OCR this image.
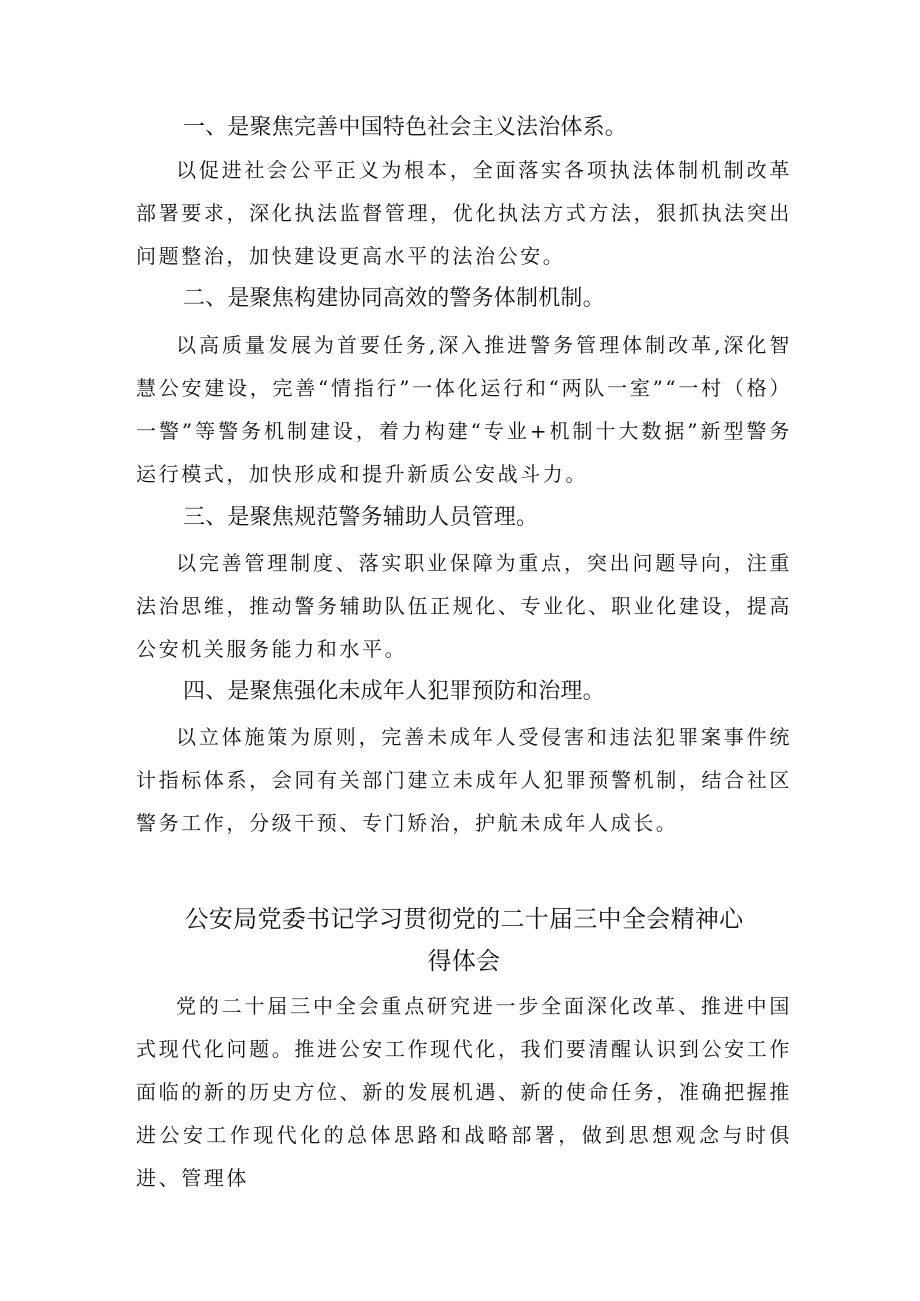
一、是聚焦完善中国特色社会主义法治体系。
以促进社会公平正义为根本，全面落实各项执法体制机制改革部署要求，深化执法监督管理，优化执法方式方法，狠抓执法突出问题整治，加快建设更高水平的法治公安。
二、是聚焦构建协同高效的警务体制机制。
以高质量发展为首要任务,深入推进警务管理体制改革,深化智慧公安建设，完善“情指行”一体化运行和“两队一室”“一村（格）一警”等警务机制建设，着力构建“专业+机制十大数据”新型警务运行模式，加快形成和提升新质公安战斗力。
三、是聚焦规范警务辅助人员管理。
以完善管理制度、落实职业保障为重点，突出问题导向，注重法治思维，推动警务辅助队伍正规化、专业化、职业化建设，提高公安机关服务能力和水平。
四、是聚焦强化未成年人犯罪预防和治理。
以立体施策为原则，完善未成年人受侵害和违法犯罪案事件统计指标体系，会同有关部门建立未成年人犯罪预警机制，结合社区警务工作，分级干预、专门矫治，护航未成年人成长。
公安局党委书记学习贯彻党的二十届三中全会精神心
得体会
党的二十届三中全会重点研究进一步全面深化改革、推进中国式现代化问题。推进公安工作现代化，我们要清醒认识到公安工作面临的新的历史方位、新的发展机遇、新的使命任务，准确把握推进公安工作现代化的总体思路和战略部署，做到思想观念与时俱进、管理体
